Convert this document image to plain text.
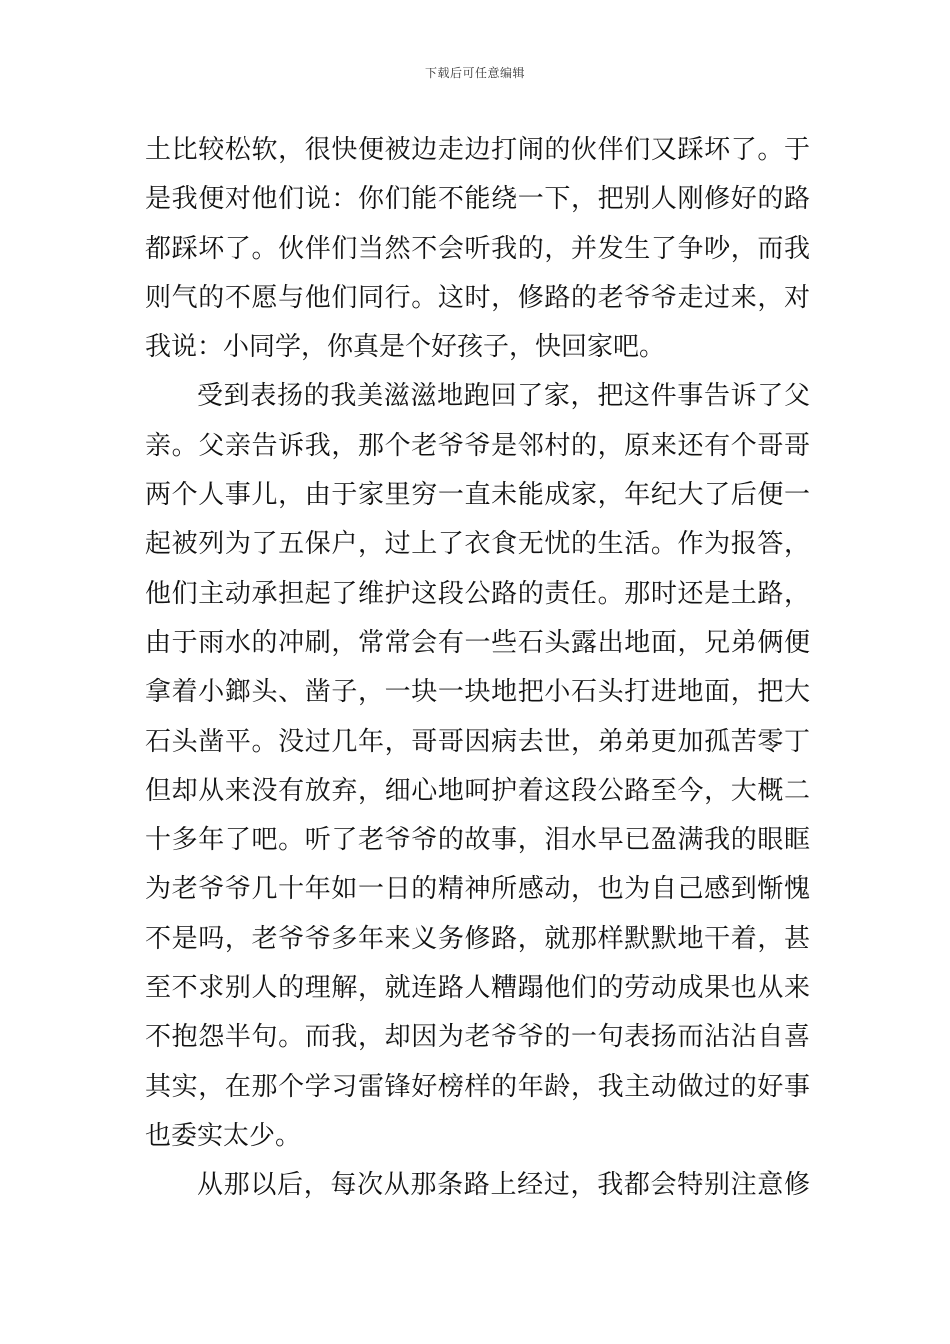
下载后可任意编辑
土比较松软，很快便被边走边打闹的伙伴们又踩坏了。于
是我便对他们说：你们能不能绕一下，把别人刚修好的路
都踩坏了。伙伴们当然不会听我的，并发生了争吵，而我
则气的不愿与他们同行。这时，修路的老爷爷走过来，对
我说：小同学，你真是个好孩子，快回家吧。
受到表扬的我美滋滋地跑回了家，把这件事告诉了父
亲。父亲告诉我，那个老爷爷是邻村的，原来还有个哥哥
两个人事儿，由于家里穷一直未能成家，年纪大了后便一
起被列为了五保户，过上了衣食无忧的生活。作为报答，
他们主动承担起了维护这段公路的责任。那时还是土路，
由于雨水的冲刷，常常会有一些石头露出地面，兄弟俩便
拿着小鎯头、凿子，一块一块地把小石头打进地面，把大
石头凿平。没过几年，哥哥因病去世，弟弟更加孤苦零丁
但却从来没有放弃，细心地呵护着这段公路至今，大概二
十多年了吧。听了老爷爷的故事，泪水早已盈满我的眼眶
为老爷爷几十年如一日的精神所感动，也为自己感到惭愧
不是吗，老爷爷多年来义务修路，就那样默默地干着，甚
至不求别人的理解，就连路人糟蹋他们的劳动成果也从来
不抱怨半句。而我，却因为老爷爷的一句表扬而沾沾自喜
其实，在那个学习雷锋好榜样的年龄，我主动做过的好事
也委实太少。
从那以后，每次从那条路上经过，我都会特别注意修
